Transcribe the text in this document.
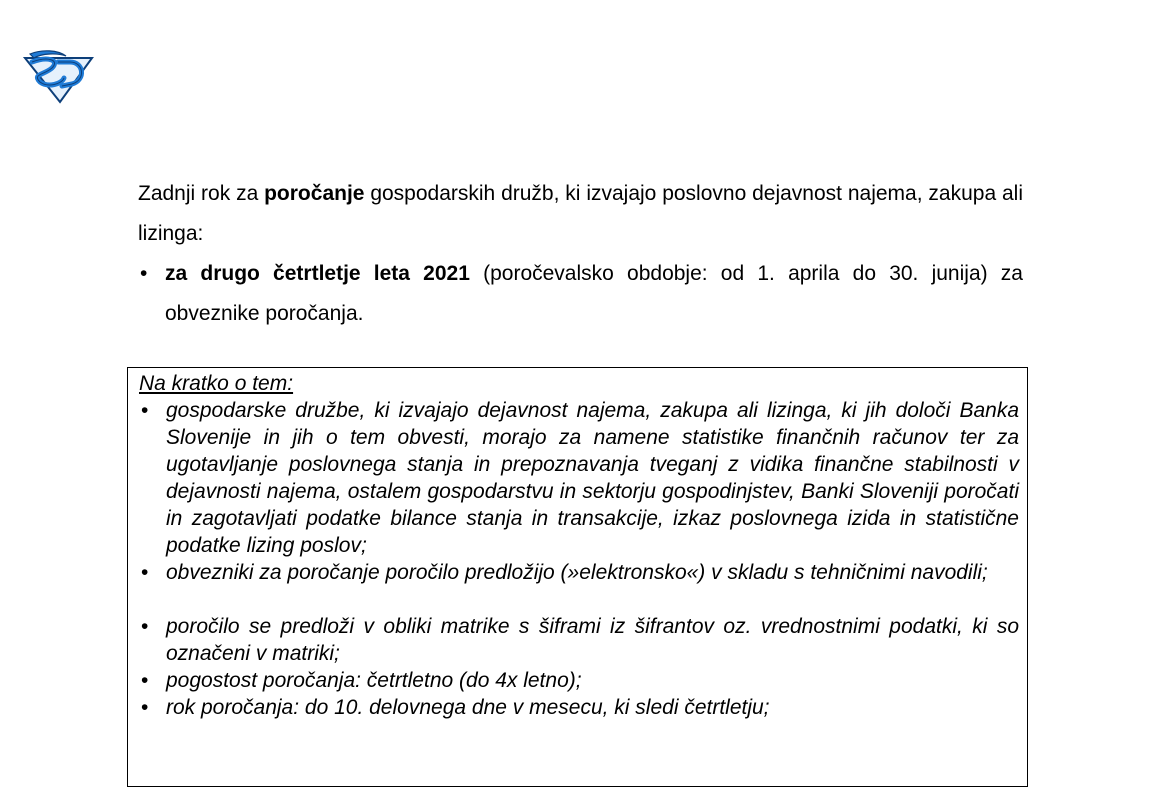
Zadnji rok za poročanje gospodarskih družb, ki izvajajo poslovno dejavnost najema, zakupa ali lizinga:

• za drugo četrtletje leta 2021 (poročevalsko obdobje: od 1. aprila do 30. junija) za obveznike poročanja.

Na kratko o tem:

• gospodarske družbe, ki izvajajo dejavnost najema, zakupa ali lizinga, ki jih določi Banka Slovenije in jih o tem obvesti, morajo za namene statistike finančnih računov ter za ugotavljanje poslovnega stanja in prepoznavanja tveganj z vidika finančne stabilnosti v dejavnosti najema, ostalem gospodarstvu in sektorju gospodinjstev, Banki Sloveniji poročati in zagotavljati podatke bilance stanja in transakcije, izkaz poslovnega izida in statistične podatke lizing poslov;
• obvezniki za poročanje poročilo predložijo (»elektronsko«) v skladu s tehničnimi navodili;
• poročilo se predloži v obliki matrike s šiframi iz šifrantov oz. vrednostnimi podatki, ki so označeni v matriki;
• pogostost poročanja: četrtletno (do 4x letno);
• rok poročanja: do 10. delovnega dne v mesecu, ki sledi četrtletju;
